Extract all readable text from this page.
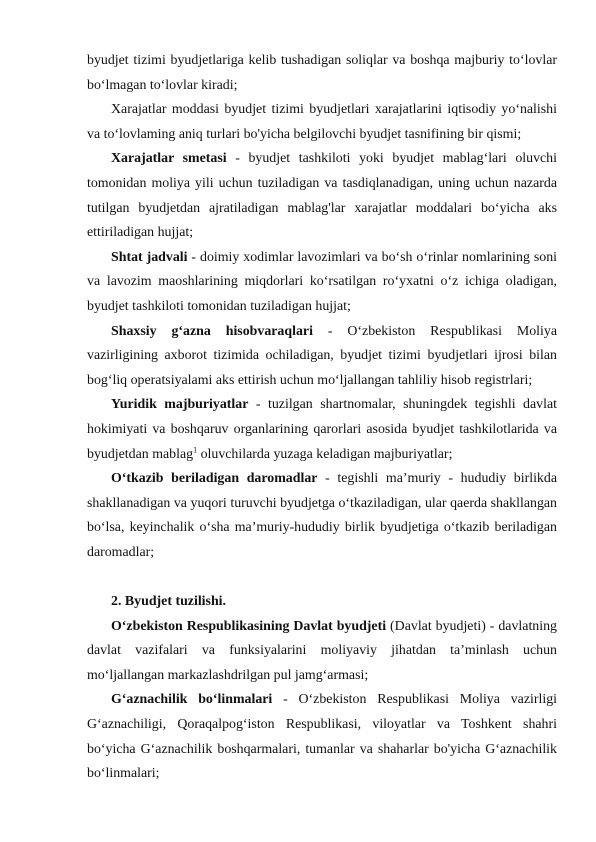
byudjet tizimi byudjetlariga kelib tushadigan soliqlar va boshqa majburiy to‘lovlar bo‘lmagan to‘lovlar kiradi;

Xarajatlar moddasi byudjet tizimi byudjetlari xarajatlarini iqtisodiy yo‘nalishi va to‘lovlaming aniq turlari bo'yicha belgilovchi byudjet tasnifining bir qismi;

Xarajatlar smetasi - byudjet tashkiloti yoki byudjet mablag‘lari oluvchi tomonidan moliya yili uchun tuziladigan va tasdiqlanadigan, uning uchun nazarda tutilgan byudjetdan ajratiladigan mablag'lar xarajatlar moddalari bo‘yicha aks ettiriladigan hujjat;

Shtat jadvali - doimiy xodimlar lavozimlari va bo‘sh o‘rinlar nomlarining soni va lavozim maoshlarining miqdorlari ko‘rsatilgan ro‘yxatni o‘z ichiga oladigan, byudjet tashkiloti tomonidan tuziladigan hujjat;

Shaxsiy g‘azna hisobvaraqlari - O‘zbekiston Respublikasi Moliya vazirligining axborot tizimida ochiladigan, byudjet tizimi byudjetlari ijrosi bilan bog‘liq operatsiyalami aks ettirish uchun mo‘ljallangan tahliliy hisob registrlari;

Yuridik majburiyatlar - tuzilgan shartnomalar, shuningdek tegishli davlat hokimiyati va boshqaruv organlarining qarorlari asosida byudjet tashkilotlarida va byudjetdan mablag$^1$ oluvchilarda yuzaga keladigan majburiyatlar;

O‘tkazib beriladigan daromadlar - tegishli ma’muriy - hududiy birlikda shakllanadigan va yuqori turuvchi byudjetga o‘tkaziladigan, ular qaerda shakllangan bo‘lsa, keyinchalik o‘sha ma’muriy-hududiy birlik byudjetiga o‘tkazib beriladigan daromadlar;

2. Byudjet tuzilishi.

O‘zbekiston Respublikasining Davlat byudjeti (Davlat byudjeti) - davlatning davlat vazifalari va funksiyalarini moliyaviy jihatdan ta’minlash uchun mo‘ljallangan markazlashdrilgan pul jamg‘armasi;

G‘aznachilik bo‘linmalari - O‘zbekiston Respublikasi Moliya vazirligi G‘aznachiligi, Qoraqalpog‘iston Respublikasi, viloyatlar va Toshkent shahri bo‘yicha G‘aznachilik boshqarmalari, tumanlar va shaharlar bo'yicha G‘aznachilik bo‘linmalari;
